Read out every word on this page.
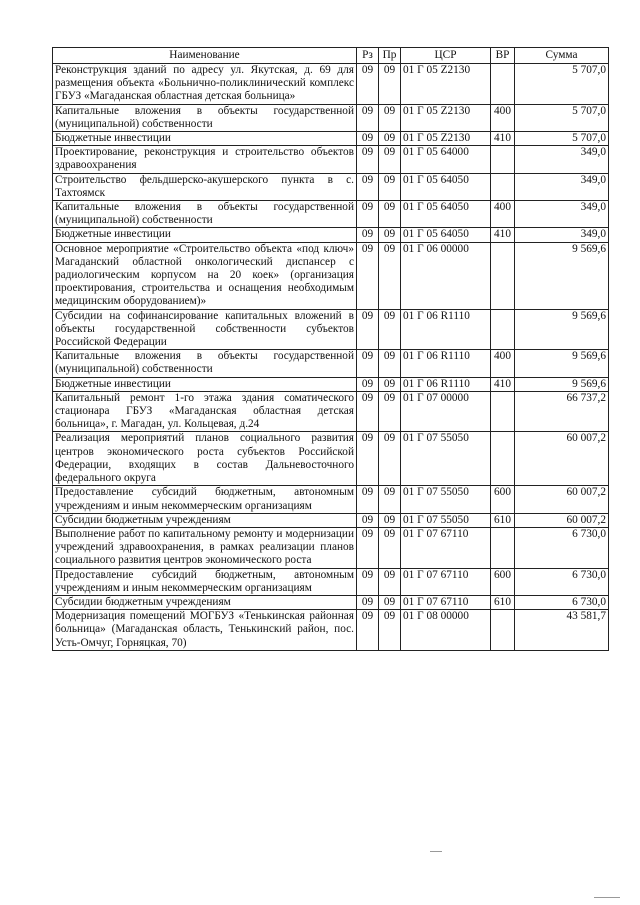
Наименование	Рз	Пр	ЦСР	ВР	Сумма
Реконструкция зданий по адресу ул. Якутская, д. 69 для размещения объекта «Больнично-поликлинический комплекс ГБУЗ «Магаданская областная детская больница»	09	09	01 Г 05 Z2130		5 707,0
Капитальные вложения в объекты государственной (муниципальной) собственности	09	09	01 Г 05 Z2130	400	5 707,0
Бюджетные инвестиции	09	09	01 Г 05 Z2130	410	5 707,0
Проектирование, реконструкция и строительство объектов здравоохранения	09	09	01 Г 05 64000		349,0
Строительство фельдшерско-акушерского пункта в с. Тахтоямск	09	09	01 Г 05 64050		349,0
Капитальные вложения в объекты государственной (муниципальной) собственности	09	09	01 Г 05 64050	400	349,0
Бюджетные инвестиции	09	09	01 Г 05 64050	410	349,0
Основное мероприятие «Строительство объекта «под ключ» Магаданский областной онкологический диспансер с радиологическим корпусом на 20 коек» (организация проектирования, строительства и оснащения необходимым медицинским оборудованием)»	09	09	01 Г 06 00000		9 569,6
Субсидии на софинансирование капитальных вложений в объекты государственной собственности субъектов Российской Федерации	09	09	01 Г 06 R1110		9 569,6
Капитальные вложения в объекты государственной (муниципальной) собственности	09	09	01 Г 06 R1110	400	9 569,6
Бюджетные инвестиции	09	09	01 Г 06 R1110	410	9 569,6
Капитальный ремонт 1-го этажа здания соматического стационара ГБУЗ «Магаданская областная детская больница», г. Магадан, ул. Кольцевая, д.24	09	09	01 Г 07 00000		66 737,2
Реализация мероприятий планов социального развития центров экономического роста субъектов Российской Федерации, входящих в состав Дальневосточного федерального округа	09	09	01 Г 07 55050		60 007,2
Предоставление субсидий бюджетным, автономным учреждениям и иным некоммерческим организациям	09	09	01 Г 07 55050	600	60 007,2
Субсидии бюджетным учреждениям	09	09	01 Г 07 55050	610	60 007,2
Выполнение работ по капитальному ремонту и модернизации учреждений здравоохранения, в рамках реализации планов социального развития центров экономического роста	09	09	01 Г 07 67110		6 730,0
Предоставление субсидий бюджетным, автономным учреждениям и иным некоммерческим организациям	09	09	01 Г 07 67110	600	6 730,0
Субсидии бюджетным учреждениям	09	09	01 Г 07 67110	610	6 730,0
Модернизация помещений МОГБУЗ «Тенькинская районная больница» (Магаданская область, Тенькинский район, пос. Усть-Омчуг, Горняцкая, 70)	09	09	01 Г 08 00000		43 581,7
